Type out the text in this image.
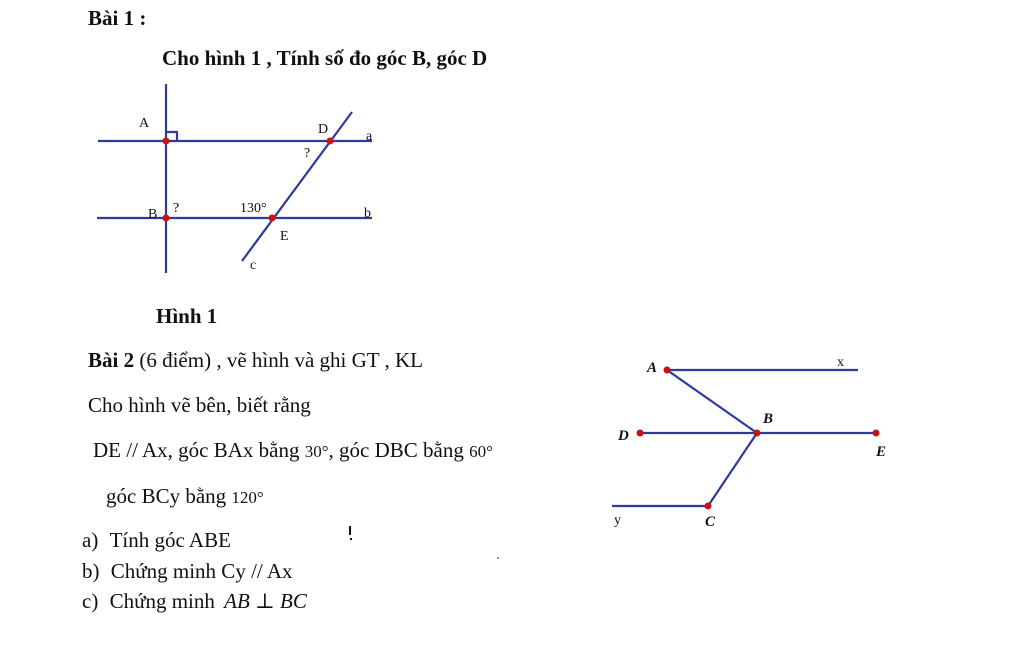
Bài 1 :
Cho hình 1 , Tính số đo góc B, góc D
A	D	a
?
B ?	130°	b
E
c
Hình 1
Bài 2 (6 điểm) , vẽ hình và ghi GT , KL
Cho hình vẽ bên, biết rằng
DE // Ax, góc BAx bằng 30°, góc DBC bằng 60°
góc BCy bằng 120°
a) Tính góc ABE
b) Chứng minh Cy // Ax
c) Chứng minh AB ⊥ BC
A
B
D
E
C
x
y
